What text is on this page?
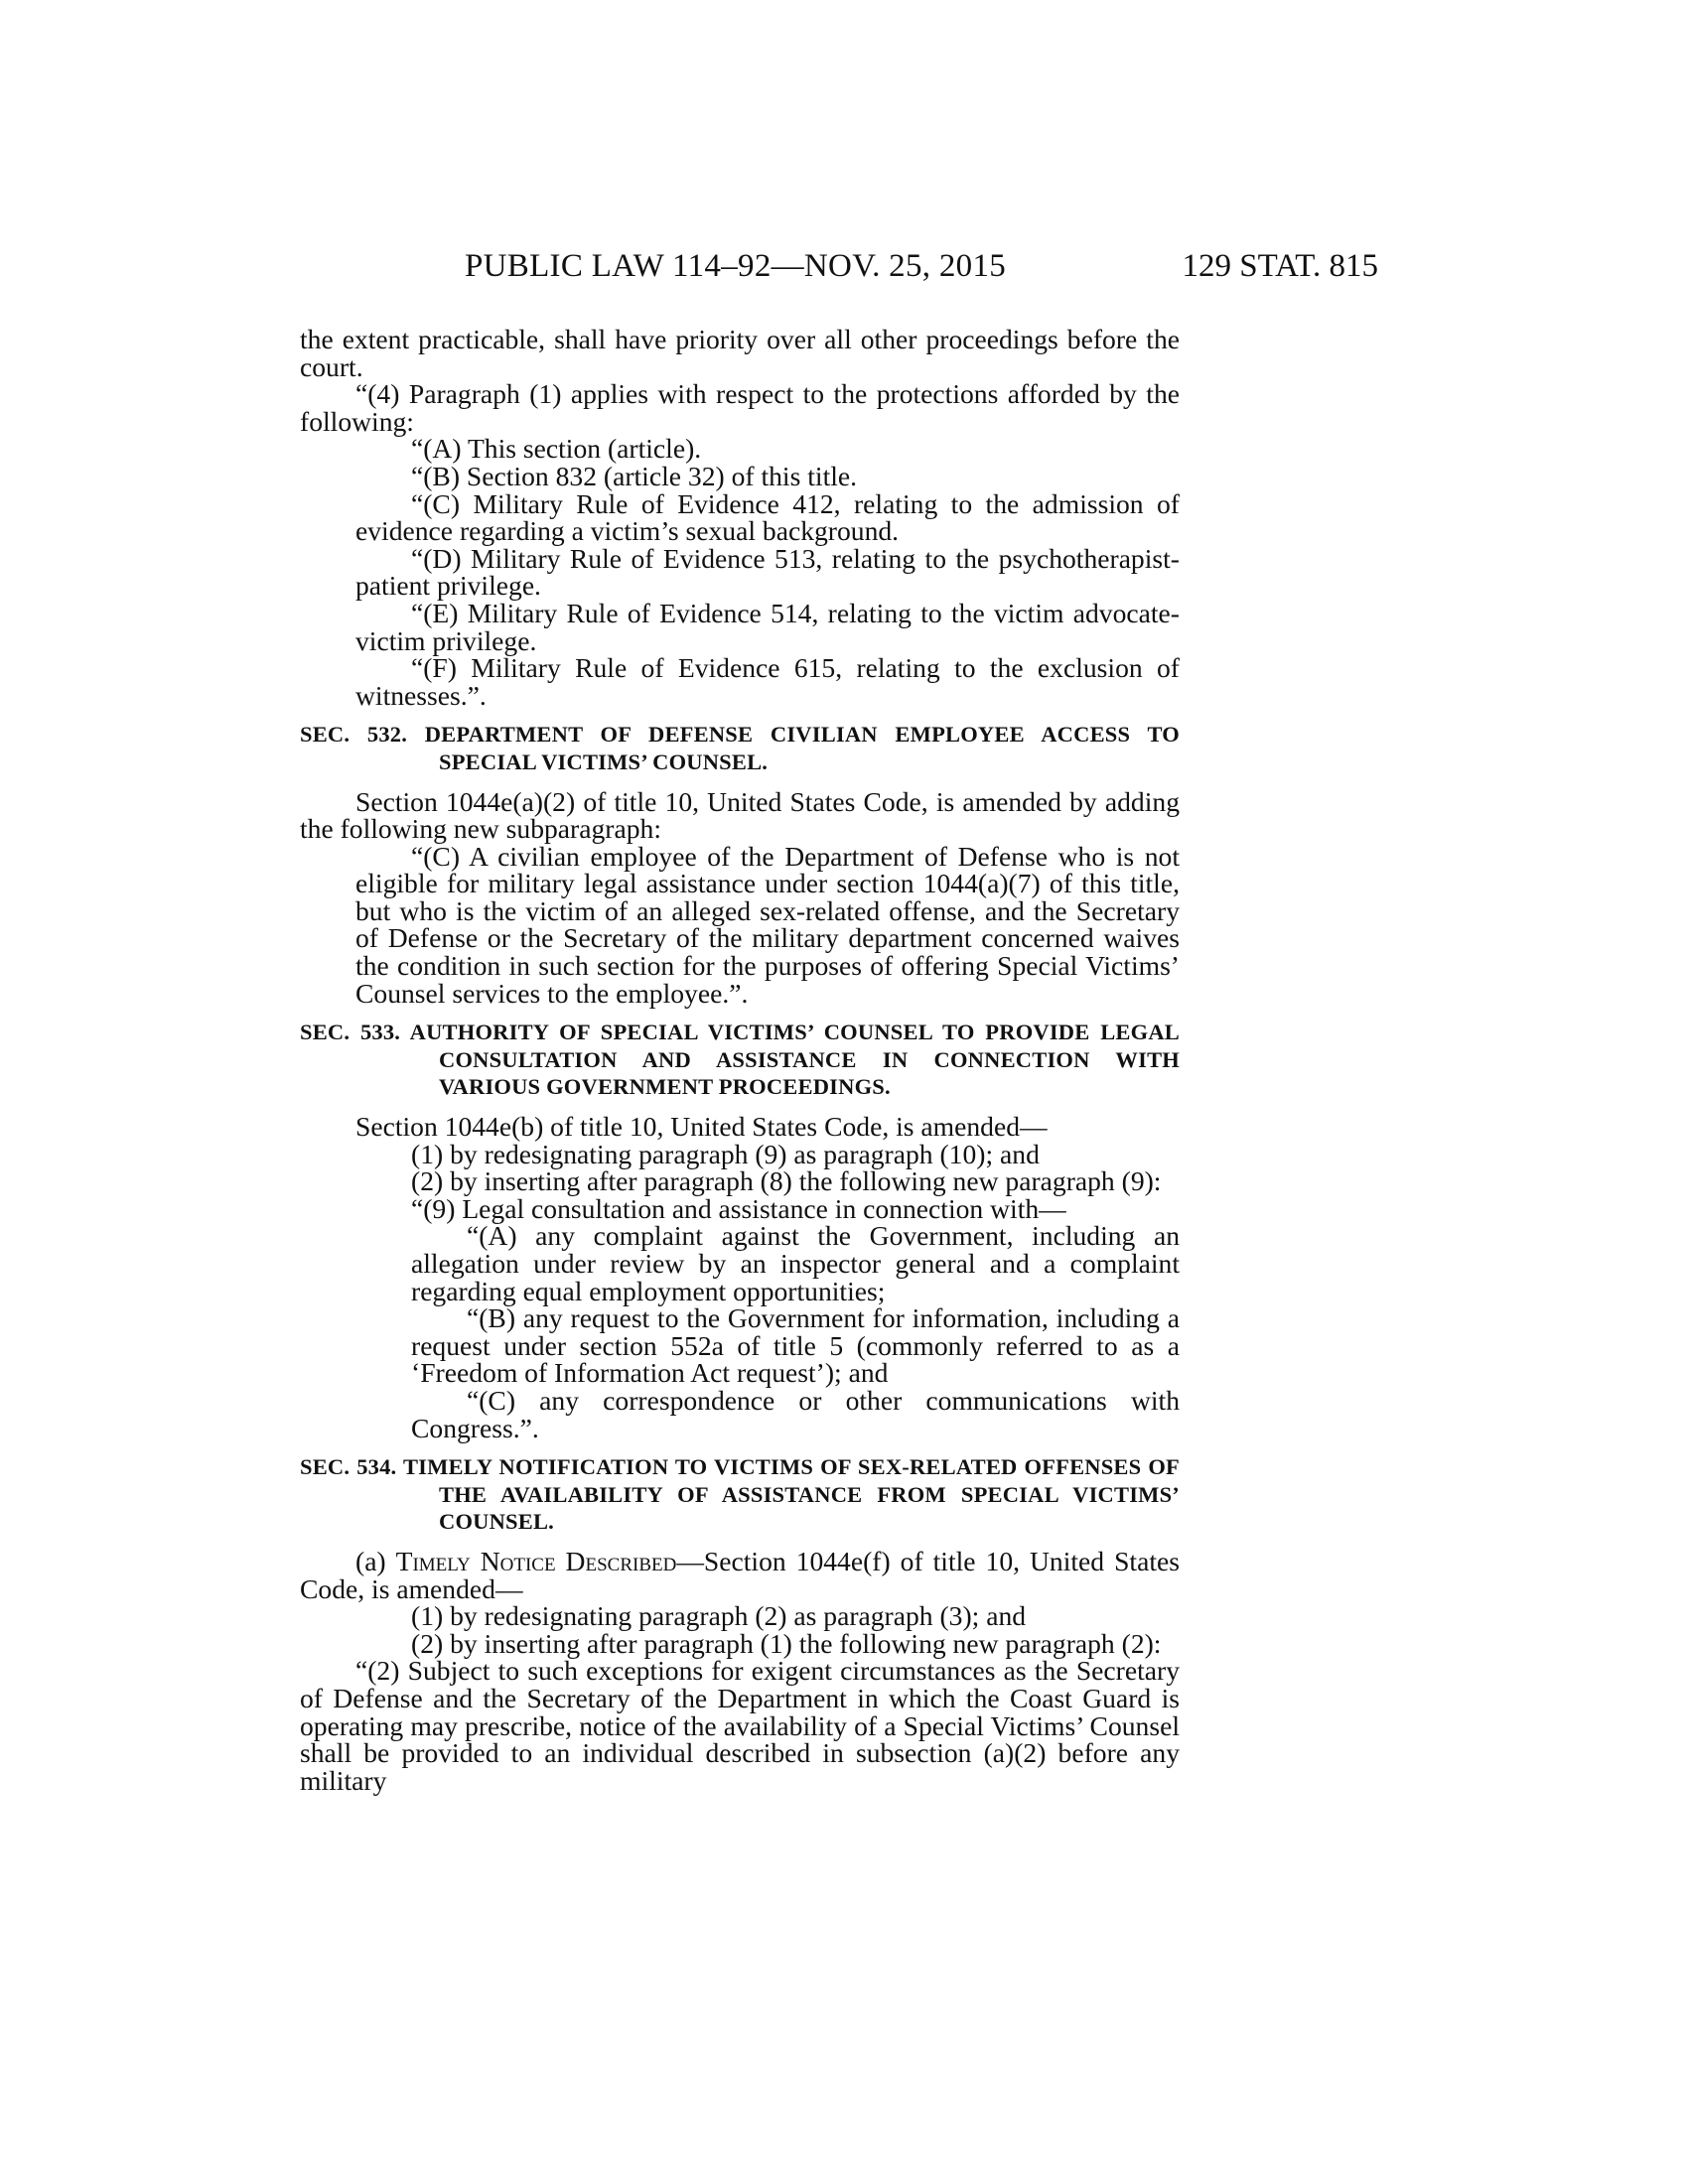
PUBLIC LAW 114–92—NOV. 25, 2015	129 STAT. 815

the extent practicable, shall have priority over all other proceedings before the court.

“(4) Paragraph (1) applies with respect to the protections afforded by the following:

“(A) This section (article).

“(B) Section 832 (article 32) of this title.

“(C) Military Rule of Evidence 412, relating to the admission of evidence regarding a victim’s sexual background.

“(D) Military Rule of Evidence 513, relating to the psychotherapist-patient privilege.

“(E) Military Rule of Evidence 514, relating to the victim advocate-victim privilege.

“(F) Military Rule of Evidence 615, relating to the exclusion of witnesses.”.

SEC. 532. DEPARTMENT OF DEFENSE CIVILIAN EMPLOYEE ACCESS TO SPECIAL VICTIMS’ COUNSEL.

Section 1044e(a)(2) of title 10, United States Code, is amended by adding the following new subparagraph:

“(C) A civilian employee of the Department of Defense who is not eligible for military legal assistance under section 1044(a)(7) of this title, but who is the victim of an alleged sex-related offense, and the Secretary of Defense or the Secretary of the military department concerned waives the condition in such section for the purposes of offering Special Victims’ Counsel services to the employee.”.

SEC. 533. AUTHORITY OF SPECIAL VICTIMS’ COUNSEL TO PROVIDE LEGAL CONSULTATION AND ASSISTANCE IN CONNECTION WITH VARIOUS GOVERNMENT PROCEEDINGS.

Section 1044e(b) of title 10, United States Code, is amended—

(1) by redesignating paragraph (9) as paragraph (10); and

(2) by inserting after paragraph (8) the following new paragraph (9):

“(9) Legal consultation and assistance in connection with—

“(A) any complaint against the Government, including an allegation under review by an inspector general and a complaint regarding equal employment opportunities;

“(B) any request to the Government for information, including a request under section 552a of title 5 (commonly referred to as a ‘Freedom of Information Act request’); and

“(C) any correspondence or other communications with Congress.”.

SEC. 534. TIMELY NOTIFICATION TO VICTIMS OF SEX-RELATED OFFENSES OF THE AVAILABILITY OF ASSISTANCE FROM SPECIAL VICTIMS’ COUNSEL.

(a) Timely Notice Described—Section 1044e(f) of title 10, United States Code, is amended—

(1) by redesignating paragraph (2) as paragraph (3); and

(2) by inserting after paragraph (1) the following new paragraph (2):

“(2) Subject to such exceptions for exigent circumstances as the Secretary of Defense and the Secretary of the Department in which the Coast Guard is operating may prescribe, notice of the availability of a Special Victims’ Counsel shall be provided to an individual described in subsection (a)(2) before any military
